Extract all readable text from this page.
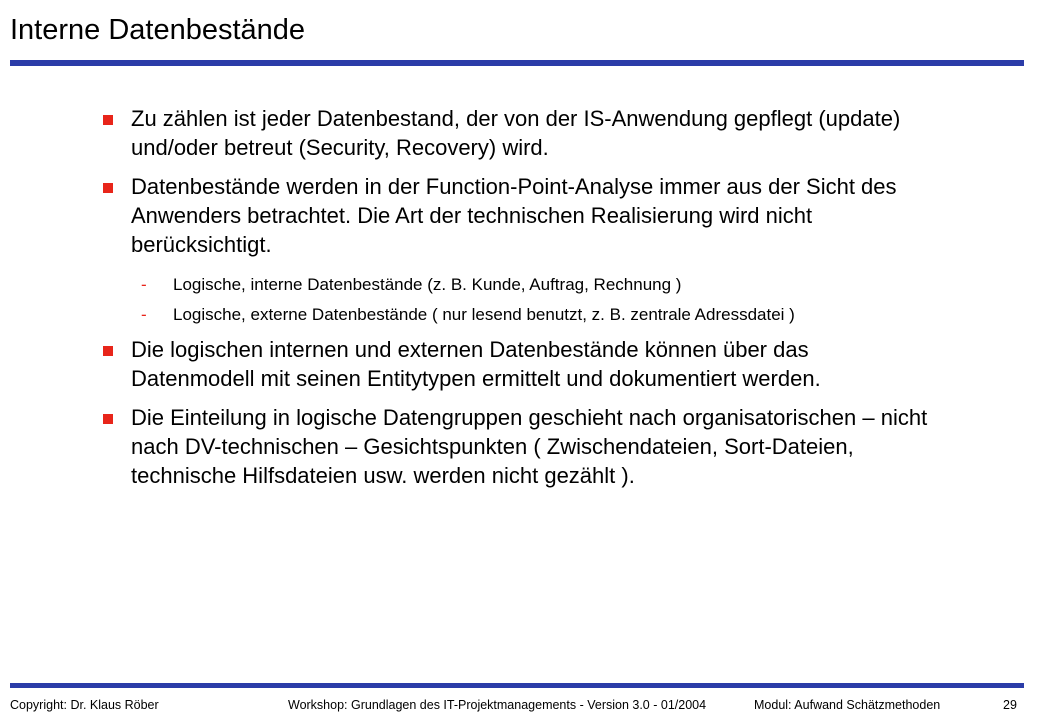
Interne Datenbestände
Zu zählen ist jeder Datenbestand, der von der IS-Anwendung gepflegt (update) und/oder betreut (Security, Recovery) wird.
Datenbestände werden in der Function-Point-Analyse immer aus der Sicht des Anwenders betrachtet. Die Art der technischen Realisierung wird nicht berücksichtigt.
- Logische, interne Datenbestände (z. B. Kunde, Auftrag, Rechnung )
- Logische, externe Datenbestände ( nur lesend benutzt, z. B. zentrale Adressdatei )
Die logischen internen und externen Datenbestände können über das Datenmodell mit seinen Entitytypen ermittelt und dokumentiert werden.
Die Einteilung in logische Datengruppen geschieht nach organisatorischen – nicht nach DV-technischen – Gesichtspunkten ( Zwischendateien, Sort-Dateien, technische Hilfsdateien usw. werden nicht gezählt ).
Copyright: Dr. Klaus Röber	Workshop: Grundlagen des IT-Projektmanagements - Version 3.0 - 01/2004	Modul: Aufwand Schätzmethoden	29
